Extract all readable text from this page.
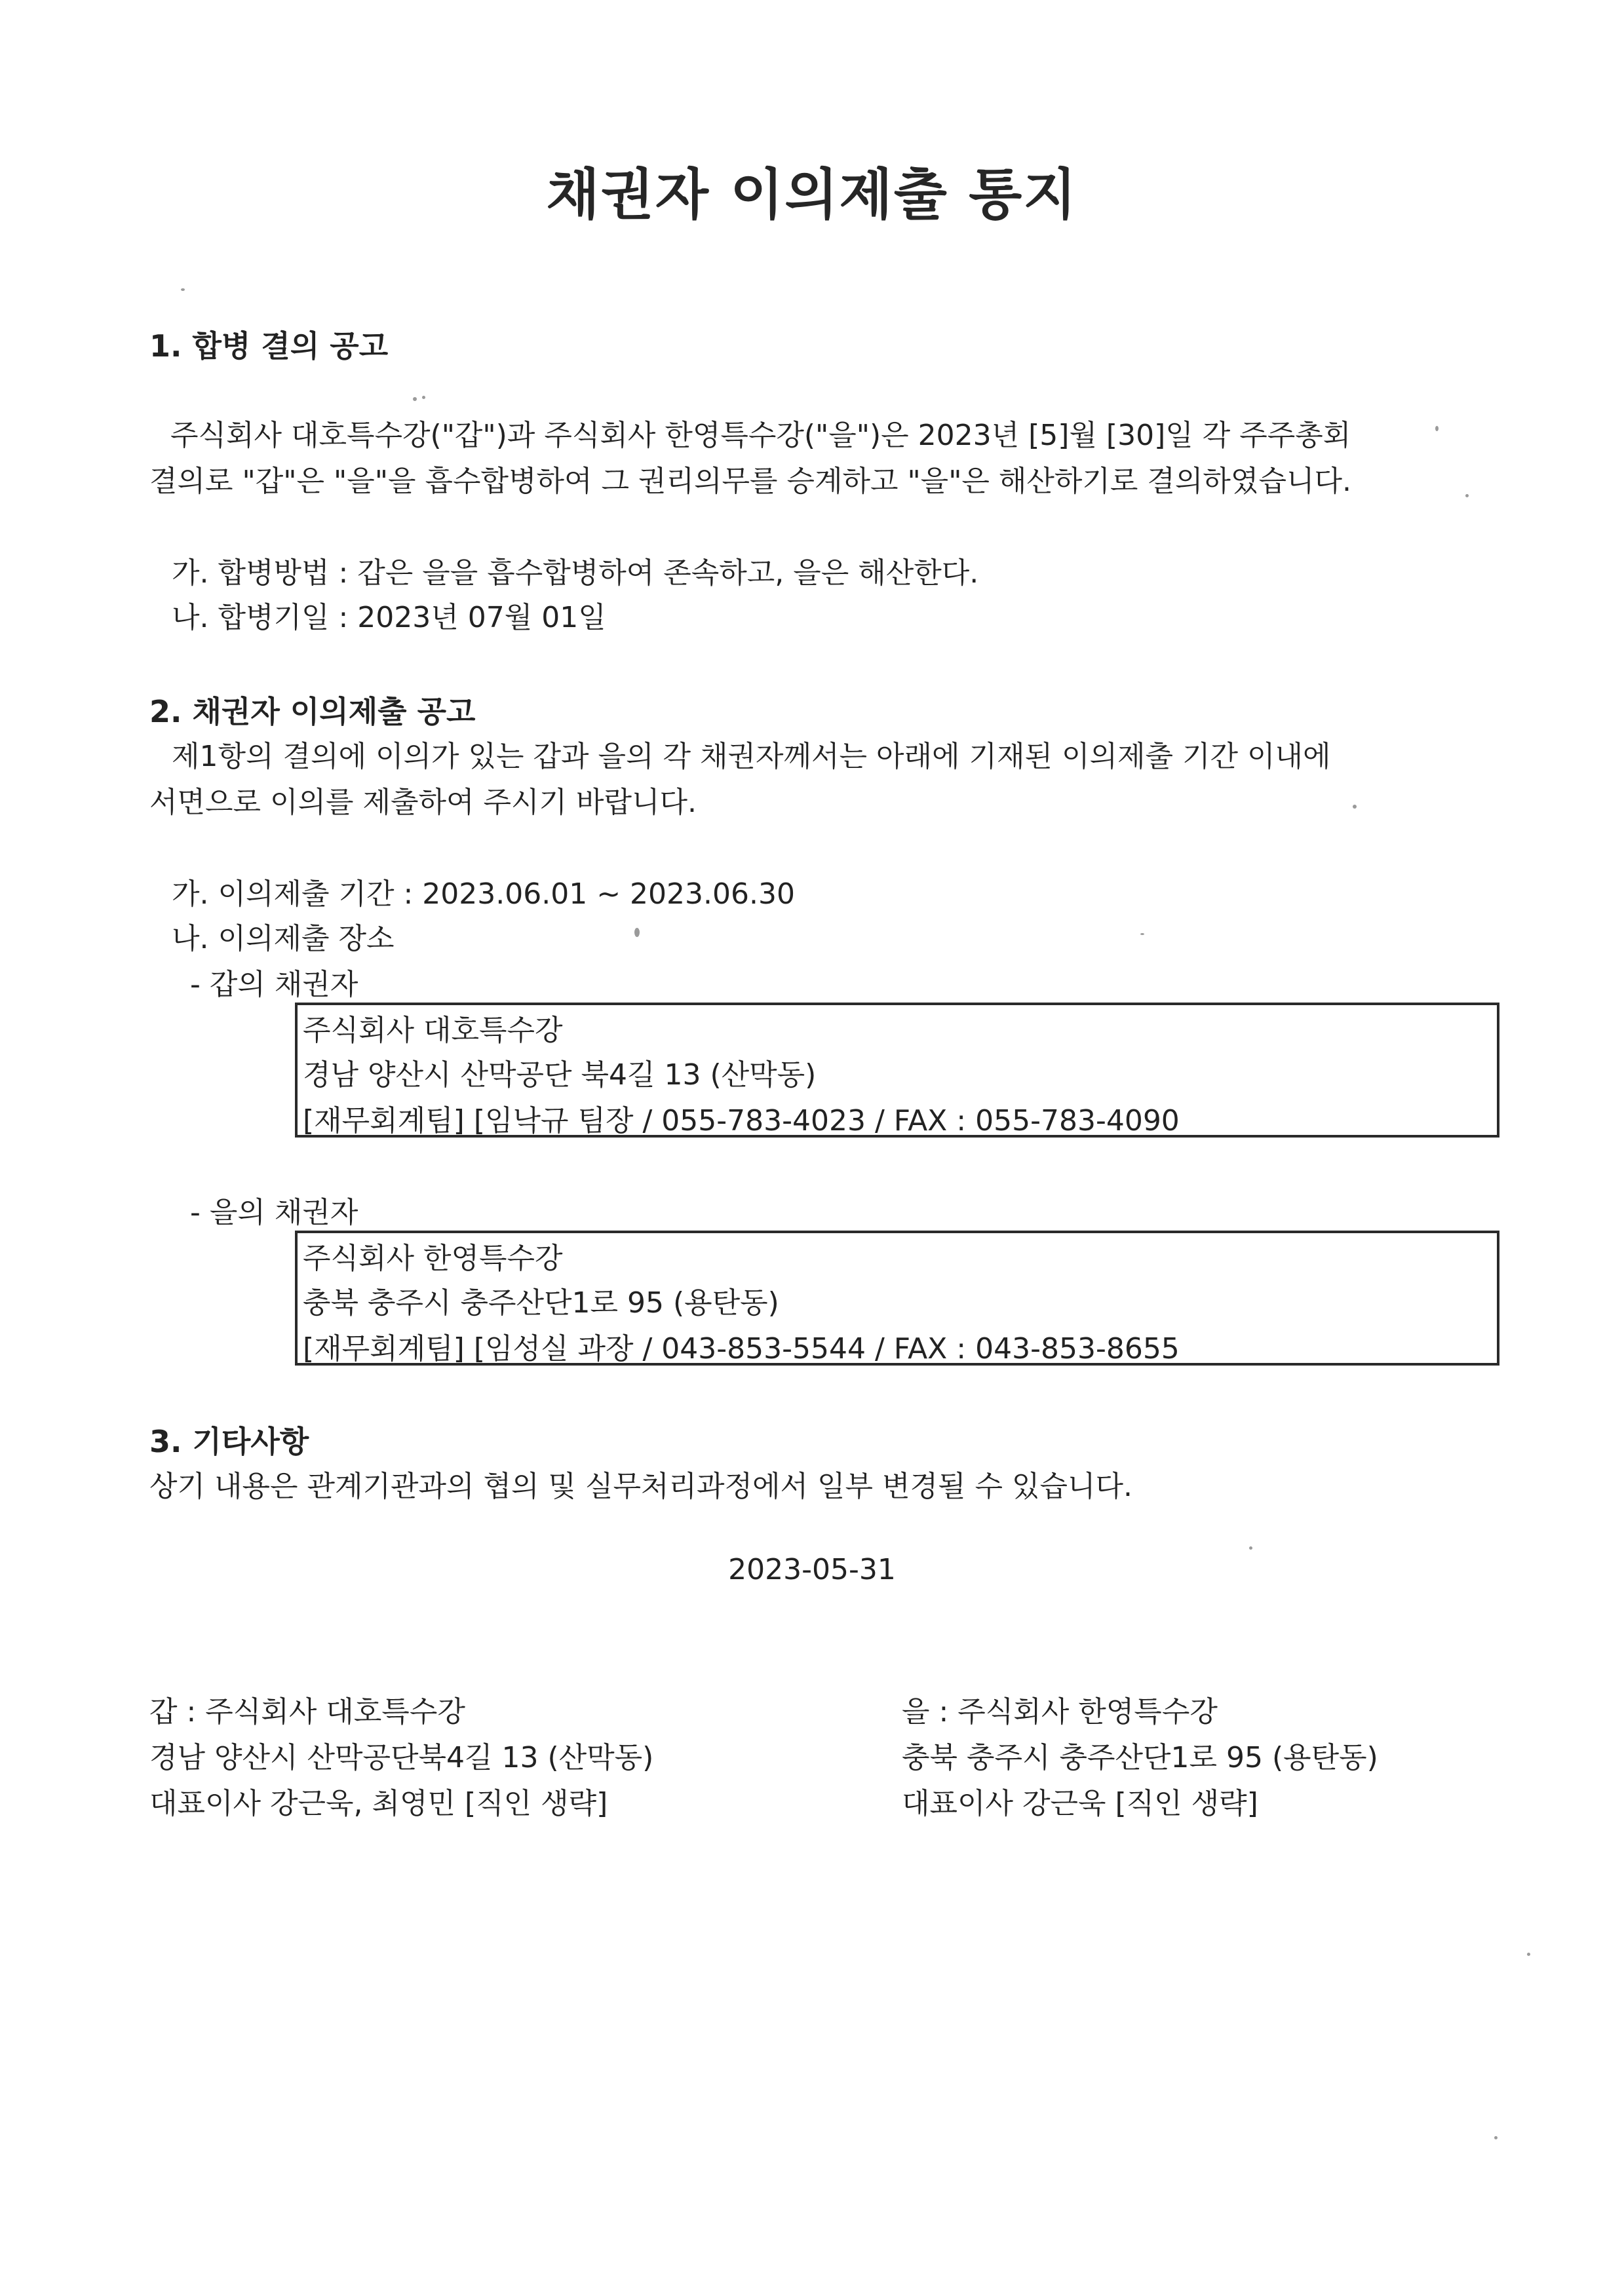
채권자 이의제출 통지
1. 합병 결의 공고
주식회사 대호특수강("갑")과 주식회사 한영특수강("을")은 2023년 [5]월 [30]일 각 주주총회
결의로 "갑"은 "을"을 흡수합병하여 그 권리의무를 승계하고 "을"은 해산하기로 결의하였습니다.
가. 합병방법 : 갑은 을을 흡수합병하여 존속하고, 을은 해산한다.
나. 합병기일 : 2023년 07월 01일
2. 채권자 이의제출 공고
제1항의 결의에 이의가 있는 갑과 을의 각 채권자께서는 아래에 기재된 이의제출 기간 이내에
서면으로 이의를 제출하여 주시기 바랍니다.
가. 이의제출 기간 : 2023.06.01 ~ 2023.06.30
나. 이의제출 장소
- 갑의 채권자
주식회사 대호특수강
경남 양산시 산막공단 북4길 13 (산막동)
[재무회계팀] [임낙규 팀장 / 055-783-4023 / FAX : 055-783-4090
- 을의 채권자
주식회사 한영특수강
충북 충주시 충주산단1로 95 (용탄동)
[재무회계팀] [임성실 과장 / 043-853-5544 / FAX : 043-853-8655
3. 기타사항
상기 내용은 관계기관과의 협의 및 실무처리과정에서 일부 변경될 수 있습니다.
2023-05-31
갑 : 주식회사 대호특수강
경남 양산시 산막공단북4길 13 (산막동)
대표이사 강근욱, 최영민 [직인 생략]
을 : 주식회사 한영특수강
충북 충주시 충주산단1로 95 (용탄동)
대표이사 강근욱 [직인 생략]
